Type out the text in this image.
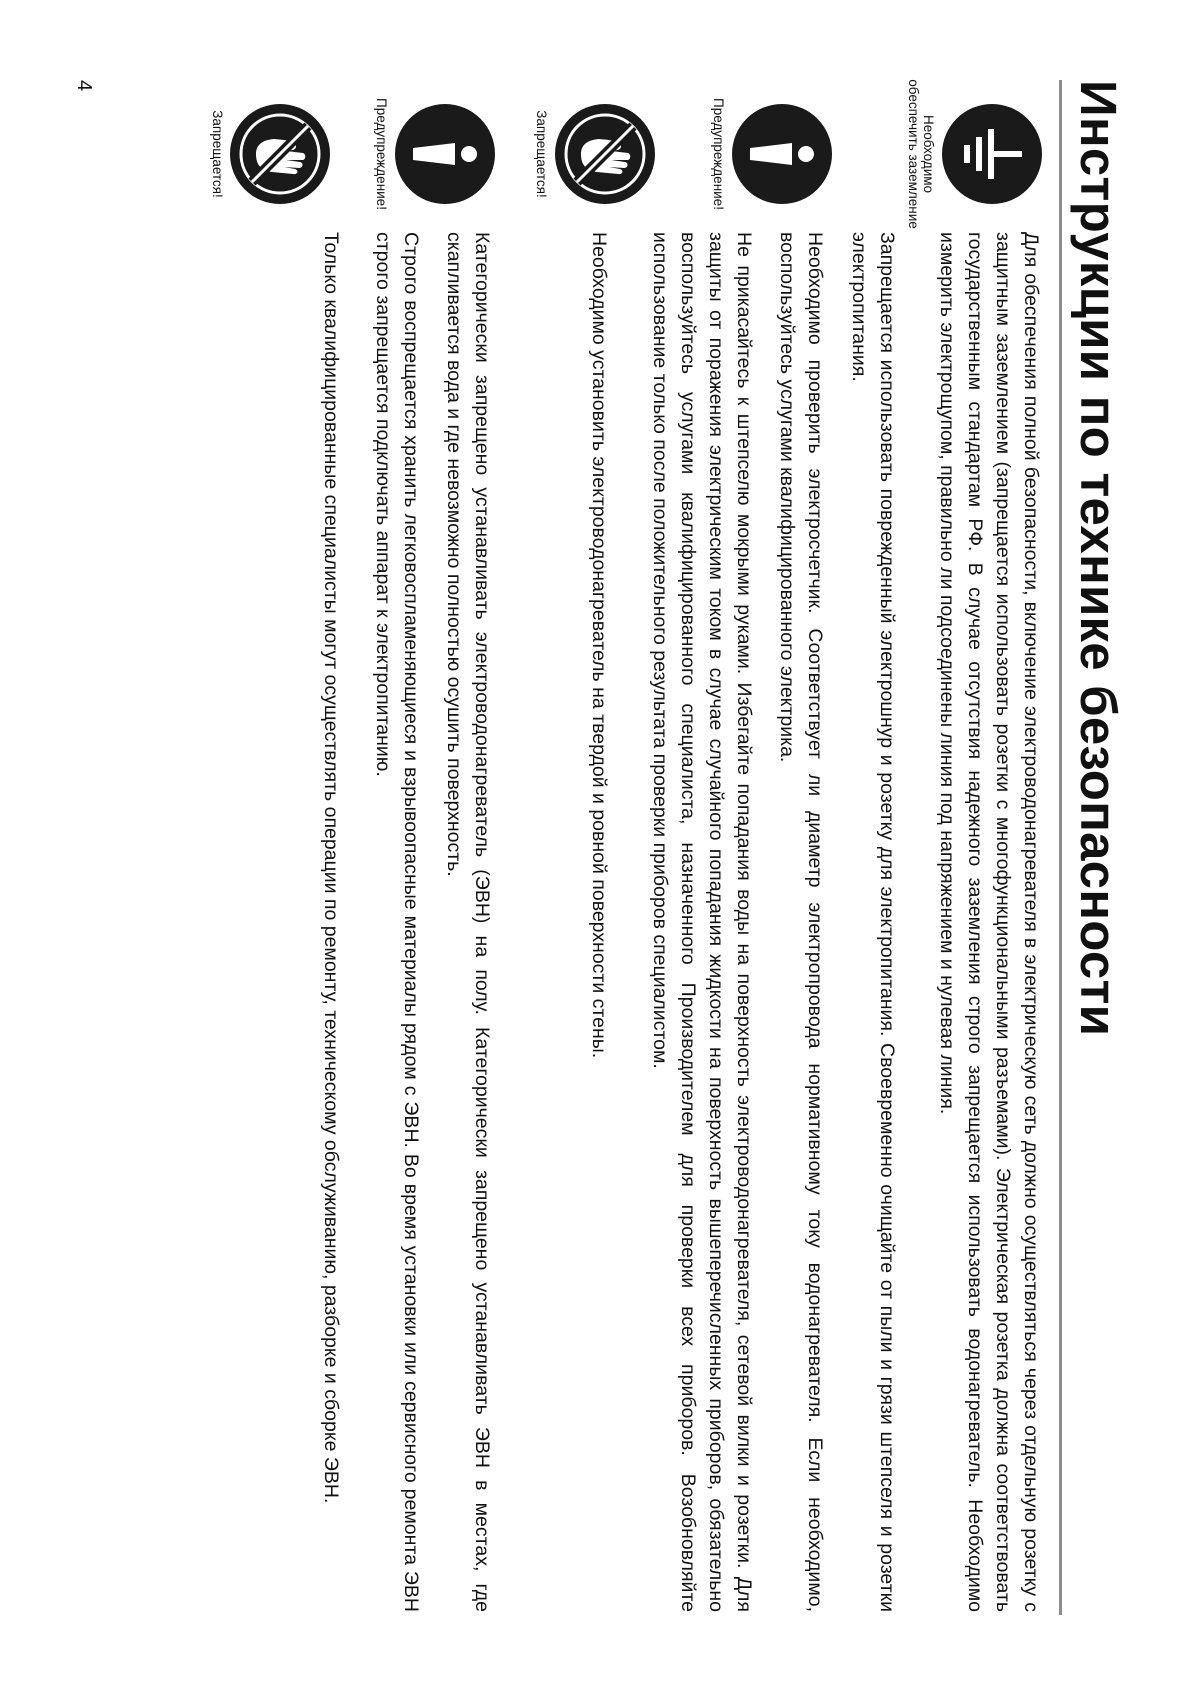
Инструкции по технике безопасности
Необходимо обеспечить заземление

Для обеспечения полной безопасности, включение электроводонагревателя в электрическую сеть должно осуществляться через отдельную розетку с защитным заземлением (запрещается использовать розетки с многофункциональными разъемами). Электрическая розетка должна соответствовать государственным стандартам РФ. В случае отсутствия надежного заземления строго запрещается использовать водонагреватель. Необходимо измерить электрощупом, правильно ли подсоединены линия под напряжением и нулевая линия.

Запрещается использовать поврежденный электрошнур и розетку для электропитания. Своевременно очищайте от пыли и грязи штепселя и розетки электропитания.

Предупреждение!

Необходимо проверить электросчетчик. Соответствует ли диаметр электропровода нормативному току водонагревателя. Если необходимо, воспользуйтесь услугами квалифицированного электрика.

Запрещается!

Не прикасайтесь к штепселю мокрыми руками. Избегайте попадания воды на поверхность электроводонагревателя, сетевой вилки и розетки. Для защиты от поражения электрическим током в случае случайного попадания жидкости на поверхность вышеперечисленных приборов, обязательно воспользуйтесь услугами квалифицированного специалиста, назначенного Производителем для проверки всех приборов. Возобновляйте использование только после положительного результата проверки приборов специалистом.

Необходимо установить электроводонагреватель на твердой и ровной поверхности стены.

Предупреждение!

Категорически запрещено устанавливать электроводонагреватель (ЭВН) на полу. Категорически запрещено устанавливать ЭВН в местах, где скапливается вода и где невозможно полностью осушить поверхность.

Строго воспрещается хранить легковоспламеняющиеся и взрывоопасные материалы рядом с ЭВН. Во время установки или сервисного ремонта ЭВН строго запрещается подключать аппарат к электропитанию.

Запрещается!

Только квалифицированные специалисты могут осуществлять операции по ремонту, техническому обслуживанию, разборке и сборке ЭВН.

4
